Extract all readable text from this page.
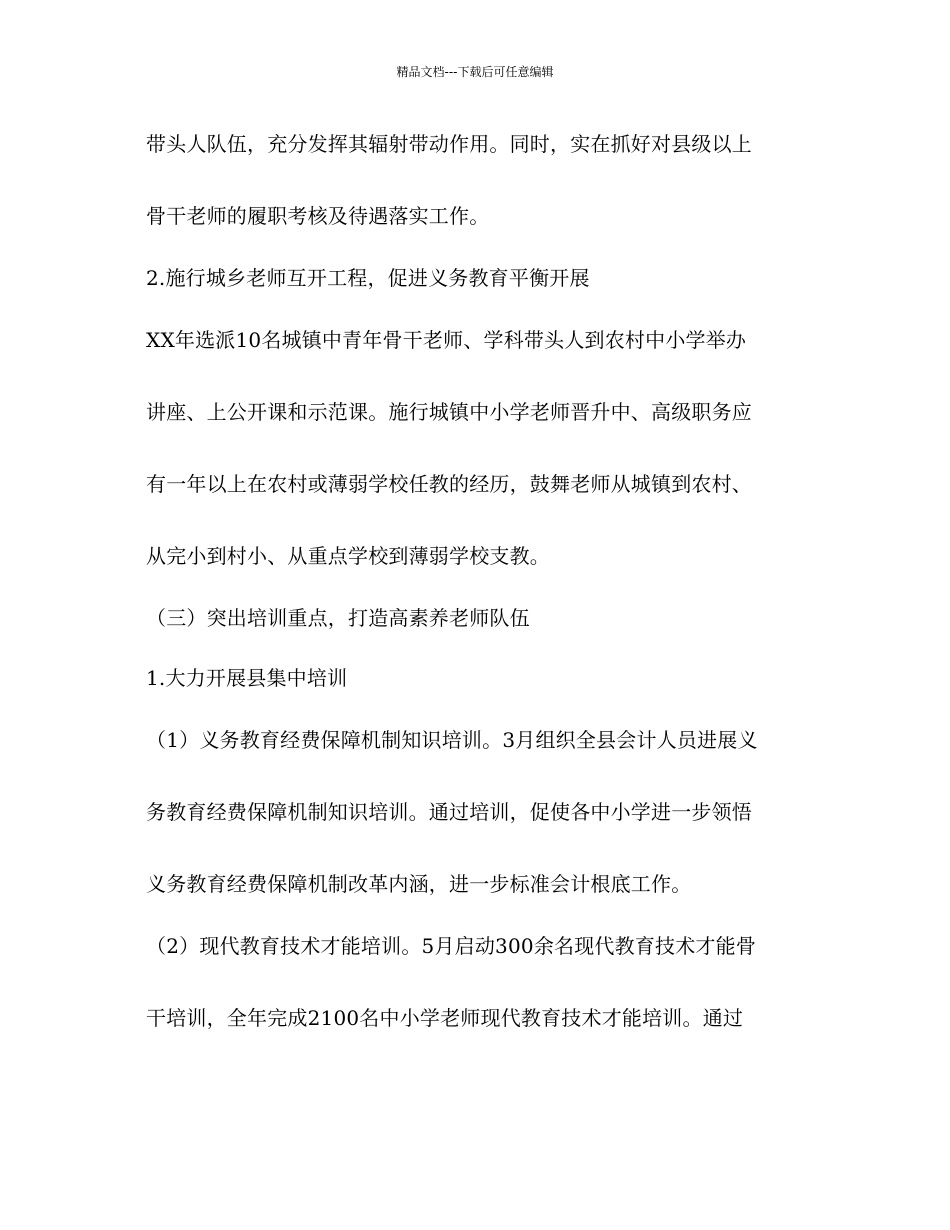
精品文档---下载后可任意编辑
带头人队伍，充分发挥其辐射带动作用。同时，实在抓好对县级以上
骨干老师的履职考核及待遇落实工作。
2.施行城乡老师互开工程，促进义务教育平衡开展
XX年选派10名城镇中青年骨干老师、学科带头人到农村中小学举办
讲座、上公开课和示范课。施行城镇中小学老师晋升中、高级职务应
有一年以上在农村或薄弱学校任教的经历，鼓舞老师从城镇到农村、
从完小到村小、从重点学校到薄弱学校支教。
（三）突出培训重点，打造高素养老师队伍
1.大力开展县集中培训
（1）义务教育经费保障机制知识培训。3月组织全县会计人员进展义
务教育经费保障机制知识培训。通过培训，促使各中小学进一步领悟
义务教育经费保障机制改革内涵，进一步标准会计根底工作。
（2）现代教育技术才能培训。5月启动300余名现代教育技术才能骨
干培训，全年完成2100名中小学老师现代教育技术才能培训。通过
